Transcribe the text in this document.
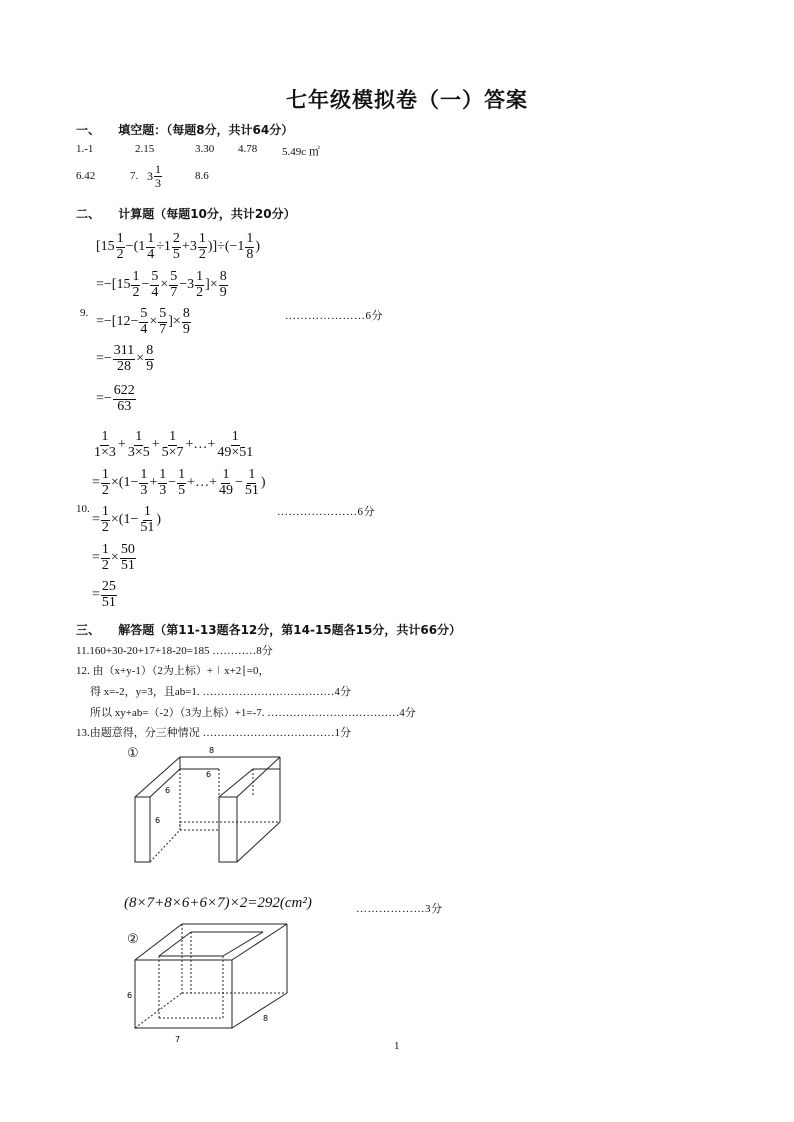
七年级模拟卷（一）答案
一、 填空题：（每题8分，共计64分）
1.-1	2.15	3.30 4.78 5.49c ㎡
6.42	7. $3 \frac{1}{3}$	8.6
二、 计算题（每题10分，共计20分）
$[15 \frac{1}{2} -(1 \frac{1}{4} \div 1 \frac{2}{5} +3 \frac{1}{2} )]\div(-1 \frac{1}{8}$ )
$=-[15 \frac{1}{2} - \frac{5}{4} \times \frac{5}{7} -3 \frac{1}{2}$ ]× $\frac{8}{9}$
9.
$=-[12- \frac{5}{4} \times \frac{5}{7}$ ]× $\frac{8}{9}$	…………………6分
=− $\frac{311}{28} \times \frac{8}{9}$
=− $\frac{622}{63}$
$\frac{1}{1\times 3} + \frac{1}{3\times 5} + \frac{1}{5\times 7}$ +…+ $\frac{1}{49\times 51}$
= $\frac{1}{2} \times(1- \frac{1}{3} + \frac{1}{3} - \frac{1}{5}$ +…+ $\frac{1}{49} - \frac{1}{51}$ )
10.
= $\frac{1}{2} \times(1- \frac{1}{51}$ )
…………………6分
= $\frac{1}{2} \times \frac{50}{51}$
= $\frac{25}{51}$
三、 解答题（第11-13题各12分，第14-15题各15分，共计66分）
11.160+30-20+17+18-20=185 …………8分
12. 由（x+y-1）（2为上标）+∣x+2∣=0，
得 x=-2，y=3，且ab=1. ………………………………4分
所以 xy+ab=（-2）（3为上标）+1=-7. ………………………………4分
13.由题意得，分三种情况 ………………………………1分
①	8
6
6
6
(8×7+8×6+6×7)×2=292(cm²)	………………3分
②
6
7
8
1
